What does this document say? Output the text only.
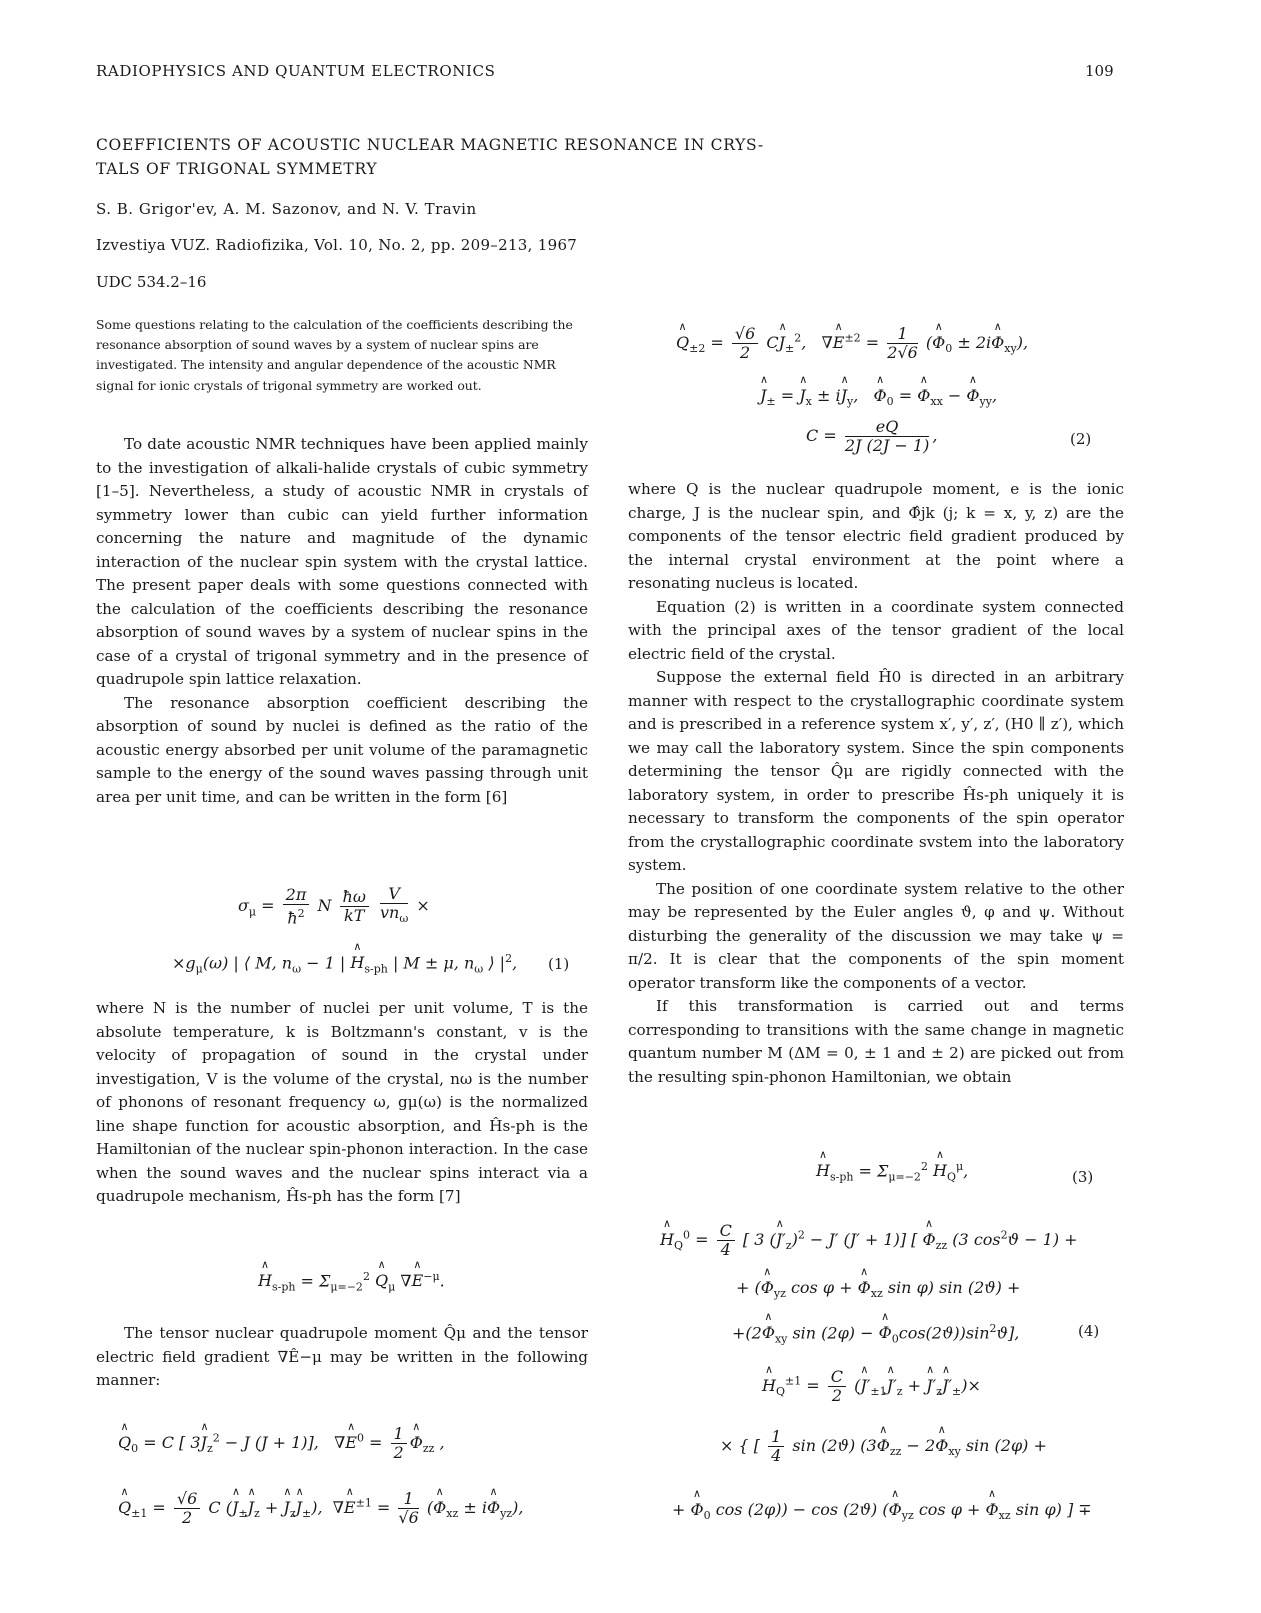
RADIOPHYSICS AND QUANTUM ELECTRONICS	109
COEFFICIENTS OF ACOUSTIC NUCLEAR MAGNETIC RESONANCE IN CRYS-
TALS OF TRIGONAL SYMMETRY
S. B. Grigor'ev, A. M. Sazonov, and N. V. Travin
Izvestiya VUZ. Radiofizika, Vol. 10, No. 2, pp. 209–213, 1967
UDC 534.2–16
Some questions relating to the calculation of the coefficients describing the resonance absorption of sound waves by a system of nuclear spins are investigated. The intensity and angular dependence of the acoustic NMR signal for ionic crystals of trigonal symmetry are worked out.

To date acoustic NMR techniques have been applied mainly to the investigation of alkali-halide crystals of cubic symmetry [1–5]. Nevertheless, a study of acoustic NMR in crystals of symmetry lower than cubic can yield further information concerning the nature and magnitude of the dynamic interaction of the nuclear spin system with the crystal lattice. The present paper deals with some questions connected with the calculation of the coefficients describing the resonance absorption of sound waves by a system of nuclear spins in the case of a crystal of trigonal symmetry and in the presence of quadrupole spin lattice relaxation.

The resonance absorption coefficient describing the absorption of sound by nuclei is defined as the ratio of the acoustic energy absorbed per unit volume of the paramagnetic sample to the energy of the sound waves passing through unit area per unit time, and can be written in the form [6]

$\sigma_\mu = \frac{2\pi}{ħ^2}$ N $\frac{ħ\omega}{kT}$
$\frac{V}{vn_\omega}$ ×
$\times g_\mu(\omega)$ | ⟨ M, $n_\omega - 1$ | ∧ $H_{s-ph}$ | M ± μ, $n_\omega$ ⟩ $|^2$, (1)

where N is the number of nuclei per unit volume, T is the absolute temperature, k is Boltzmann's constant, v is the velocity of propagation of sound in the crystal under investigation, V is the volume of the crystal, nω is the number of phonons of resonant frequency ω, gμ(ω) is the normalized line shape function for acoustic absorption, and Ĥs-ph is the Hamiltonian of the nuclear spin-phonon interaction. In the case when the sound waves and the nuclear spins interact via a quadrupole mechanism, Ĥs-ph has the form [7]

∧ $H_{s-ph} = \Sigma_{\mu=-2}^2$ ∧ $Q_\mu$ ∇∧ $E^{-\mu}$.

The tensor nuclear quadrupole moment Q̂μ and the tensor electric field gradient ∇Ê−μ may be written in the following manner:

∧ $Q_0 = C$ [ 3∧ $J_z^2 - J$ (J + 1)],   ∇∧ $E^0 = \frac{1}{2}$ ∧ $\Phi_{zz}$ ,
∧ $Q_{\pm 1} = \frac{√6}{2}$ C (∧ $J_\pm\wedge$ $J_z$ + ∧ $J_z\wedge$ $J_\pm$),  ∇∧ $E^{\pm 1} = \frac{1}{√6}$ (∧ $\Phi_{xz}$ ± i∧ $\Phi_{yz}$),
∧ $Q_{\pm 2} = \frac{√6}{2}$ C∧ $J_\pm^2$,   ∇∧ $E^{\pm 2} = \frac{1}{2√6}$ (∧ $\Phi_0$ ± 2i∧ $\Phi_{xy}$),
∧ $J_\pm$ = ∧ $J_x$ ± i∧ $J_y$,   ∧ $\Phi_0$ = ∧ $\Phi_{xx}$ − ∧ $\Phi_{yy}$,
$C = \frac{eQ}{2J (2J - 1)}$ ,	(2)

where Q is the nuclear quadrupole moment, e is the ionic charge, J is the nuclear spin, and Φ̂jk (j; k = x, y, z) are the components of the tensor electric field gradient produced by the internal crystal environment at the point where a resonating nucleus is located.

Equation (2) is written in a coordinate system connected with the principal axes of the tensor gradient of the local electric field of the crystal.

Suppose the external field Ĥ0 is directed in an arbitrary manner with respect to the crystallographic coordinate system and is prescribed in a reference system x′, y′, z′, (H0 ∥ z′), which we may call the laboratory system. Since the spin components determining the tensor Q̂μ are rigidly connected with the laboratory system, in order to prescribe Ĥs-ph uniquely it is necessary to transform the components of the spin operator from the crystallographic coordinate svstem into the laboratory system.

The position of one coordinate system relative to the other may be represented by the Euler angles ϑ, φ and ψ. Without disturbing the generality of the discussion we may take ψ = π/2. It is clear that the components of the spin moment operator transform like the components of a vector.

If this transformation is carried out and terms corresponding to transitions with the same change in magnetic quantum number M (ΔM = 0, ± 1 and ± 2) are picked out from the resulting spin-phonon Hamiltonian, we obtain

∧ $H_{s-ph} = \Sigma_{\mu=-2}^2$ ∧ $H_Q^\mu$,	(3)
∧ $H_Q^0 = \frac{C}{4}$ [ 3 (∧ $J'_z)^2 - J'$ (J′ + 1)] [ ∧ $\Phi_{zz}$ (3 $\cos^2ϑ - 1$) +
+ (∧ $\Phi_{yz}$ cos φ + ∧ $\Phi_{xz}$ sin φ) sin (2ϑ) +
+(2∧ $\Phi_{xy}$ sin (2φ) − ∧ $\Phi_0\cos(2ϑ))\sin^2ϑ$],	(4)
∧ $H_Q^{\pm 1} = \frac{C}{2}$ (∧ $J'_{\pm 1}\wedge$ $J'_z$ + ∧ $J'_z\wedge$ $J'_\pm)\times$
× { [ $\frac{1}{4}$ sin (2ϑ) (3∧ $\Phi_{zz}$ − 2∧ $\Phi_{xy}$ sin (2φ) +
+ ∧ $\Phi_0$ cos (2φ)) − cos (2ϑ) (∧ $\Phi_{yz}$ cos φ + ∧ $\Phi_{xz}$ sin φ) ] ∓
